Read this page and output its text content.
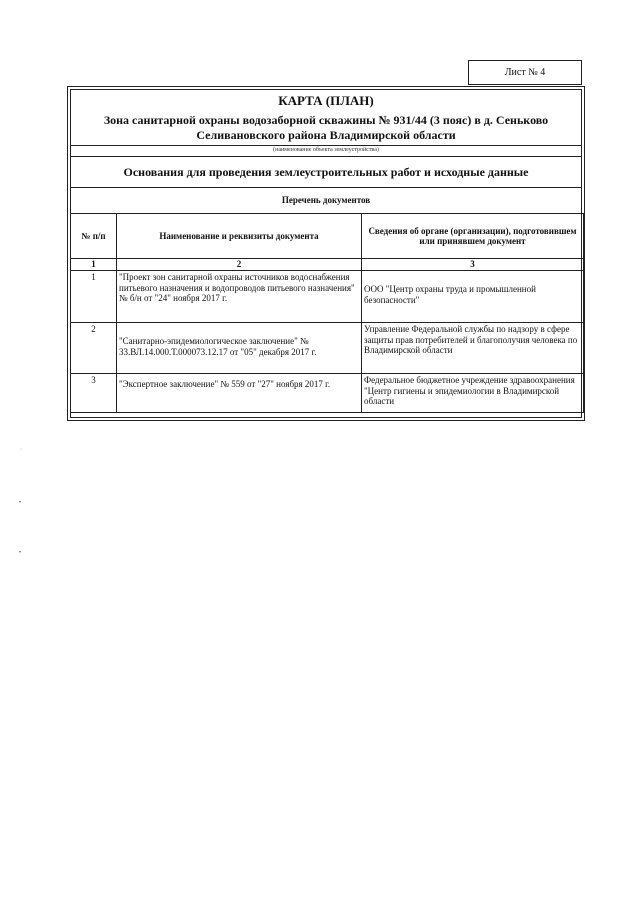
Лист № 4
КАРТА (ПЛАН)
Зона санитарной охраны водозаборной скважины № 931/44 (3 пояс) в д. Сеньково Селивановского района Владимирской области
(наименование объекта землеустройства)
Основания для проведения землеустроительных работ и исходные данные
Перечень документов
№ п/п	Наименование и реквизиты документа	Сведения об органе (организации), подготовившем или принявшем документ
1	2	3
1	"Проект зон санитарной охраны источников водоснабжения питьевого назначения и водопроводов питьевого назначения" № б/н от "24" ноября 2017 г.	ООО "Центр охраны труда и промышленной безопасности"

2	"Санитарно-эпидемиологическое заключение" № 33.ВЛ.14.000.Т.000073.12.17 от "05" декабря 2017 г.	Управление Федеральной службы по надзору в сфере защиты прав потребителей и благополучия человека по Владимирской области
3	"Экспертное заключение" № 559 от "27" ноября 2017 г.	Федеральное бюджетное учреждение здравоохранения "Центр гигиены и эпидемиологии в Владимирской области
·
•
•
